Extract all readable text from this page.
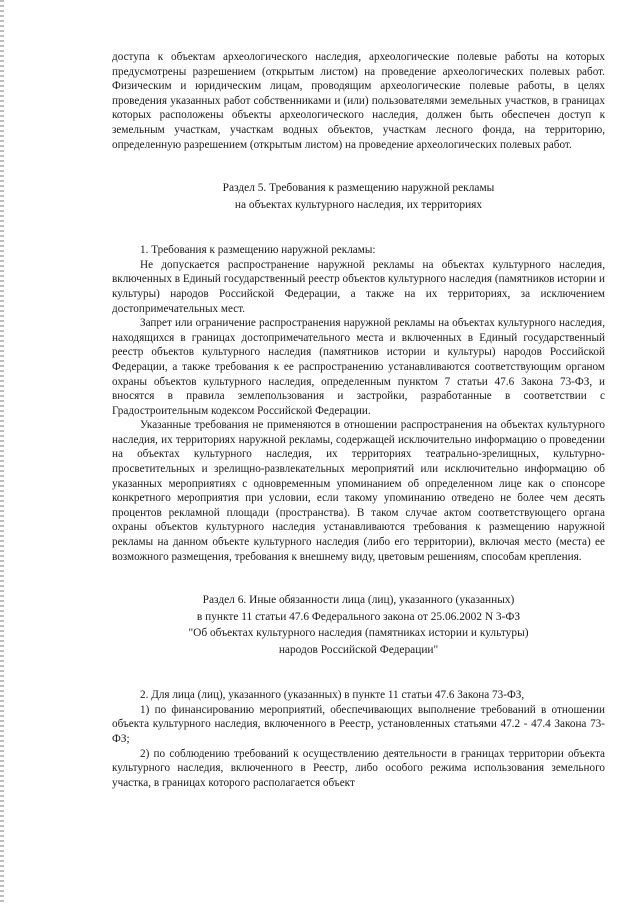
доступа к объектам археологического наследия, археологические полевые работы на которых предусмотрены разрешением (открытым листом) на проведение археологических полевых работ. Физическим и юридическим лицам, проводящим археологические полевые работы, в целях проведения указанных работ собственниками и (или) пользователями земельных участков, в границах которых расположены объекты археологического наследия, должен быть обеспечен доступ к земельным участкам, участкам водных объектов, участкам лесного фонда, на территорию, определенную разрешением (открытым листом) на проведение археологических полевых работ.

Раздел 5. Требования к размещению наружной рекламы
на объектах культурного наследия, их территориях

1. Требования к размещению наружной рекламы:

Не допускается распространение наружной рекламы на объектах культурного наследия, включенных в Единый государственный реестр объектов культурного наследия (памятников истории и культуры) народов Российской Федерации, а также на их территориях, за исключением достопримечательных мест.

Запрет или ограничение распространения наружной рекламы на объектах культурного наследия, находящихся в границах достопримечательного места и включенных в Единый государственный реестр объектов культурного наследия (памятников истории и культуры) народов Российской Федерации, а также требования к ее распространению устанавливаются соответствующим органом охраны объектов культурного наследия, определенным пунктом 7 статьи 47.6 Закона 73-ФЗ, и вносятся в правила землепользования и застройки, разработанные в соответствии с Градостроительным кодексом Российской Федерации.

Указанные требования не применяются в отношении распространения на объектах культурного наследия, их территориях наружной рекламы, содержащей исключительно информацию о проведении на объектах культурного наследия, их территориях театрально-зрелищных, культурно-просветительных и зрелищно-развлекательных мероприятий или исключительно информацию об указанных мероприятиях с одновременным упоминанием об определенном лице как о спонсоре конкретного мероприятия при условии, если такому упоминанию отведено не более чем десять процентов рекламной площади (пространства). В таком случае актом соответствующего органа охраны объектов культурного наследия устанавливаются требования к размещению наружной рекламы на данном объекте культурного наследия (либо его территории), включая место (места) ее возможного размещения, требования к внешнему виду, цветовым решениям, способам крепления.

Раздел 6. Иные обязанности лица (лиц), указанного (указанных)
в пункте 11 статьи 47.6 Федерального закона от 25.06.2002 N 3-ФЗ
"Об объектах культурного наследия (памятниках истории и культуры)
народов Российской Федерации"

2. Для лица (лиц), указанного (указанных) в пункте 11 статьи 47.6 Закона 73-ФЗ,

1) по финансированию мероприятий, обеспечивающих выполнение требований в отношении объекта культурного наследия, включенного в Реестр, установленных статьями 47.2 - 47.4 Закона 73-ФЗ;

2) по соблюдению требований к осуществлению деятельности в границах территории объекта культурного наследия, включенного в Реестр, либо особого режима использования земельного участка, в границах которого располагается объект
